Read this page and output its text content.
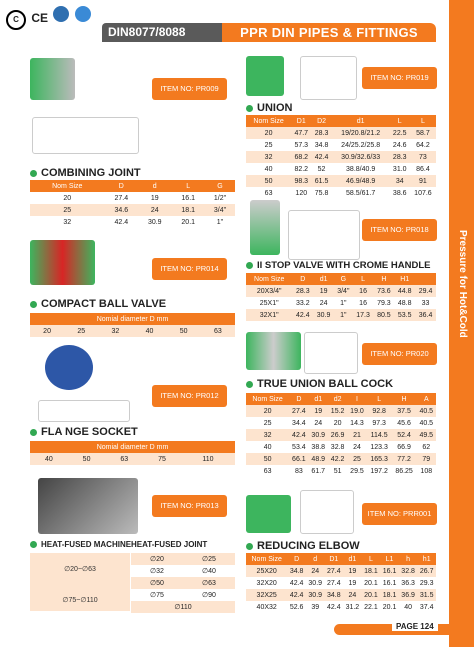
C CE
DIN8077/8088	PPR DIN PIPES & FITTINGS
Pressure for Hot&Cold
ITEM NO: PR009
ITEM NO: PR014
ITEM NO: PR012
ITEM NO: PR013
COMBINING JOINT
Nom Size	D	d	L	G
20	27.4	19	16.1	1/2"
25	34.6	24	18.1	3/4"
32	42.4	30.9	20.1	1"
COMPACT BALL VALVE
Nomial diameter D mm
20	25	32	40	50	63
FLA NGE SOCKET
Nomial diameter D mm
40	50	63	75	110
HEAT-FUSED MACHINE HEAT-FUSED JOINT
∅20~∅63
∅75~∅110
∅20	∅25
∅32	∅40
∅50	∅63
∅75	∅90
∅110	
ITEM NO: PR019
ITEM NO: PR018
ITEM NO: PR020
ITEM NO: PRR001
UNION
Nom Size	D1	D2	d1	L	L
20	47.7	28.3	19/20.8/21.2	22.5	58.7
25	57.3	34.8	24/25.2/25.8	24.6	64.2
32	68.2	42.4	30.9/32.6/33	28.3	73
40	82.2	52	38.8/40.9	31.0	86.4
50	98.3	61.5	46.9/48.9	34	91
63	120	75.8	58.5/61.7	38.6	107.6
II STOP VALVE WITH CROME HANDLE
Nom Size	D	d1	G	L	H	H1	
20X3/4"	28.3	19	3/4"	16	73.6	44.8	29.4
25X1"	33.2	24	1"	16	79.3	48.8	33
32X1"	42.4	30.9	1"	17.3	80.5	53.5	36.4
TRUE UNION BALL COCK
Nom Size	D	d1	d2	I	L	H	A
20	27.4	19	15.2	19.0	92.8	37.5	40.5
25	34.4	24	20	14.3	97.3	45.6	40.5
32	42.4	30.9	26.9	21	114.5	52.4	49.5
40	53.4	38.8	32.8	24	123.3	66.9	62
50	66.1	48.9	42.2	25	165.3	77.2	79
63	83	61.7	51	29.5	197.2	86.25	108
REDUCING ELBOW
Nom Size	D	d	D1	d1	L	L1	h	h1
25X20	34.8	24	27.4	19	18.1	16.1	32.8	26.7
32X20	42.4	30.9	27.4	19	20.1	16.1	36.3	29.3
32X25	42.4	30.9	34.8	24	20.1	18.1	36.9	31.5
40X32	52.6	39	42.4	31.2	22.1	20.1	40	37.4
PAGE 124
